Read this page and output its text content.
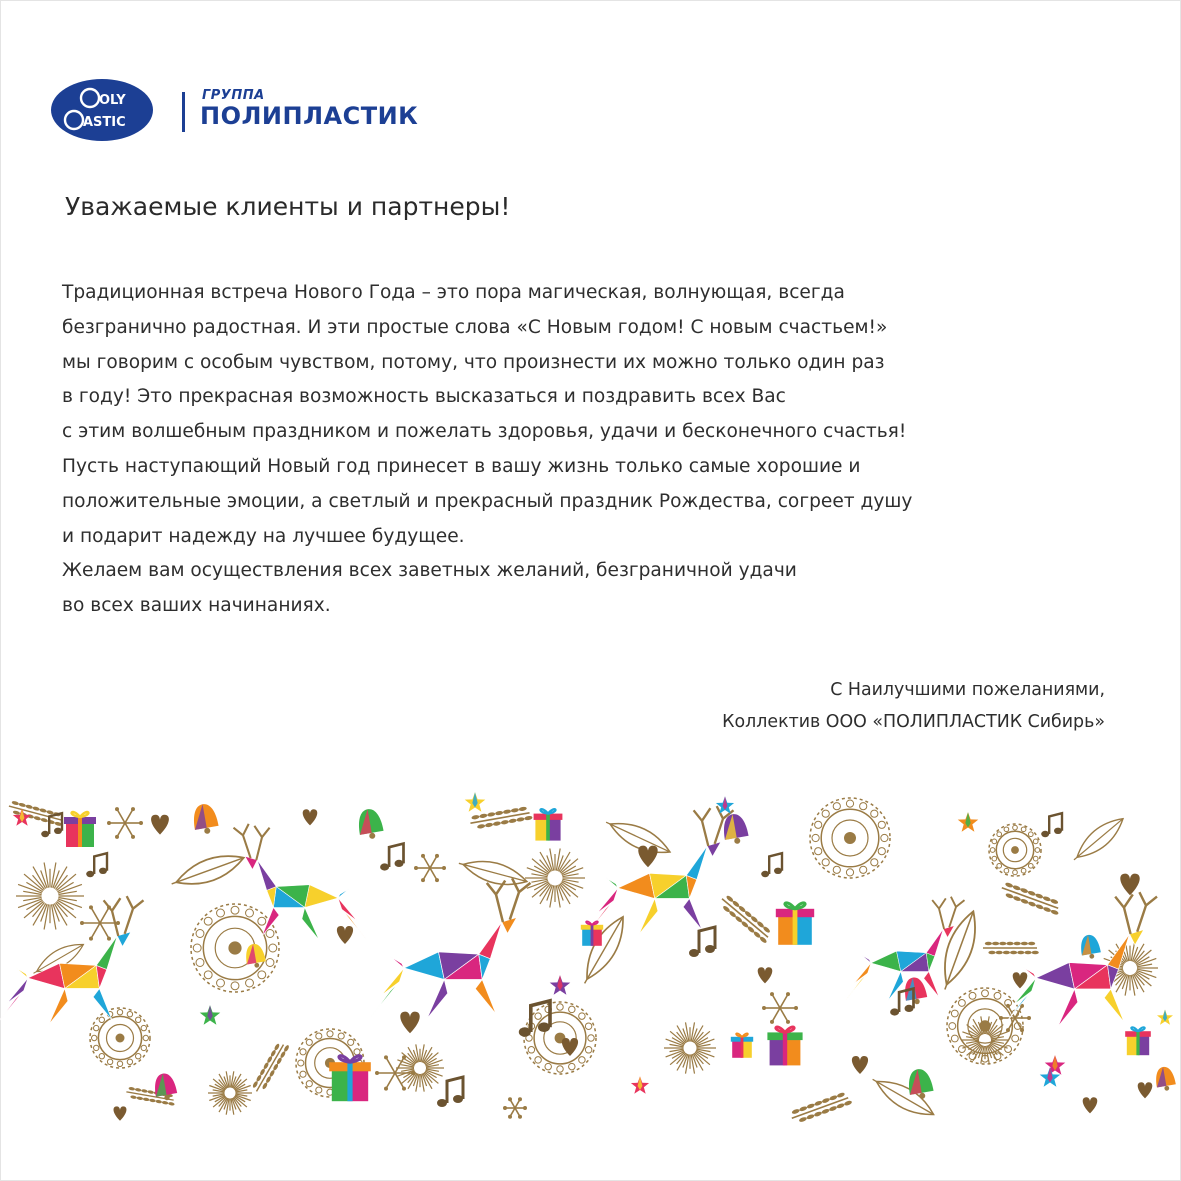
OLY
ASTIC
ГРУППА
ПОЛИПЛАСТИК
Уважаемые клиенты и партнеры!
Традиционная встреча Нового Года – это пора магическая, волнующая, всегда
безгранично радостная. И эти простые слова «С Новым годом! С новым счастьем!»
мы говорим с особым чувством, потому, что произнести их можно только один раз
в году! Это прекрасная возможность высказаться и поздравить всех Вас
с этим волшебным праздником и пожелать здоровья, удачи и бесконечного счастья!
Пусть наступающий Новый год принесет в вашу жизнь только самые хорошие и
положительные эмоции, а светлый и прекрасный праздник Рождества, согреет душу
и подарит надежду на лучшее будущее.
Желаем вам осуществления всех заветных желаний, безграничной удачи
во всех ваших начинаниях.
С Наилучшими пожеланиями,
Коллектив ООО «ПОЛИПЛАСТИК Сибирь»
